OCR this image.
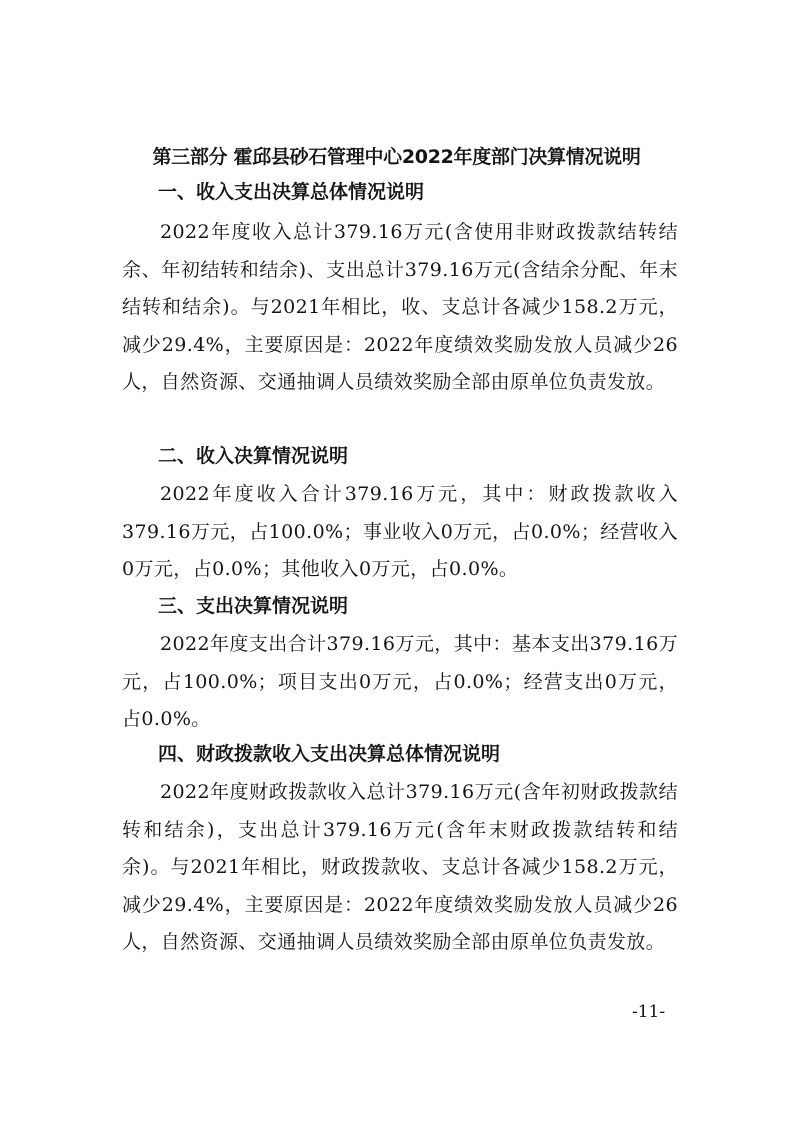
第三部分 霍邱县砂石管理中心2022年度部门决算情况说明
一、收入支出决算总体情况说明
2022年度收入总计379.16万元(含使用非财政拨款结转结余、年初结转和结余)、支出总计379.16万元(含结余分配、年末结转和结余)。与2021年相比，收、支总计各减少158.2万元，减少29.4%，主要原因是：2022年度绩效奖励发放人员减少26人，自然资源、交通抽调人员绩效奖励全部由原单位负责发放。
二、收入决算情况说明
2022年度收入合计379.16万元，其中：财政拨款收入379.16万元，占100.0%；事业收入0万元，占0.0%；经营收入0万元，占0.0%；其他收入0万元，占0.0%。
三、支出决算情况说明
2022年度支出合计379.16万元，其中：基本支出379.16万元，占100.0%；项目支出0万元，占0.0%；经营支出0万元，占0.0%。
四、财政拨款收入支出决算总体情况说明
2022年度财政拨款收入总计379.16万元(含年初财政拨款结转和结余)，支出总计379.16万元(含年末财政拨款结转和结余)。与2021年相比，财政拨款收、支总计各减少158.2万元，减少29.4%，主要原因是：2022年度绩效奖励发放人员减少26人，自然资源、交通抽调人员绩效奖励全部由原单位负责发放。
-11-
